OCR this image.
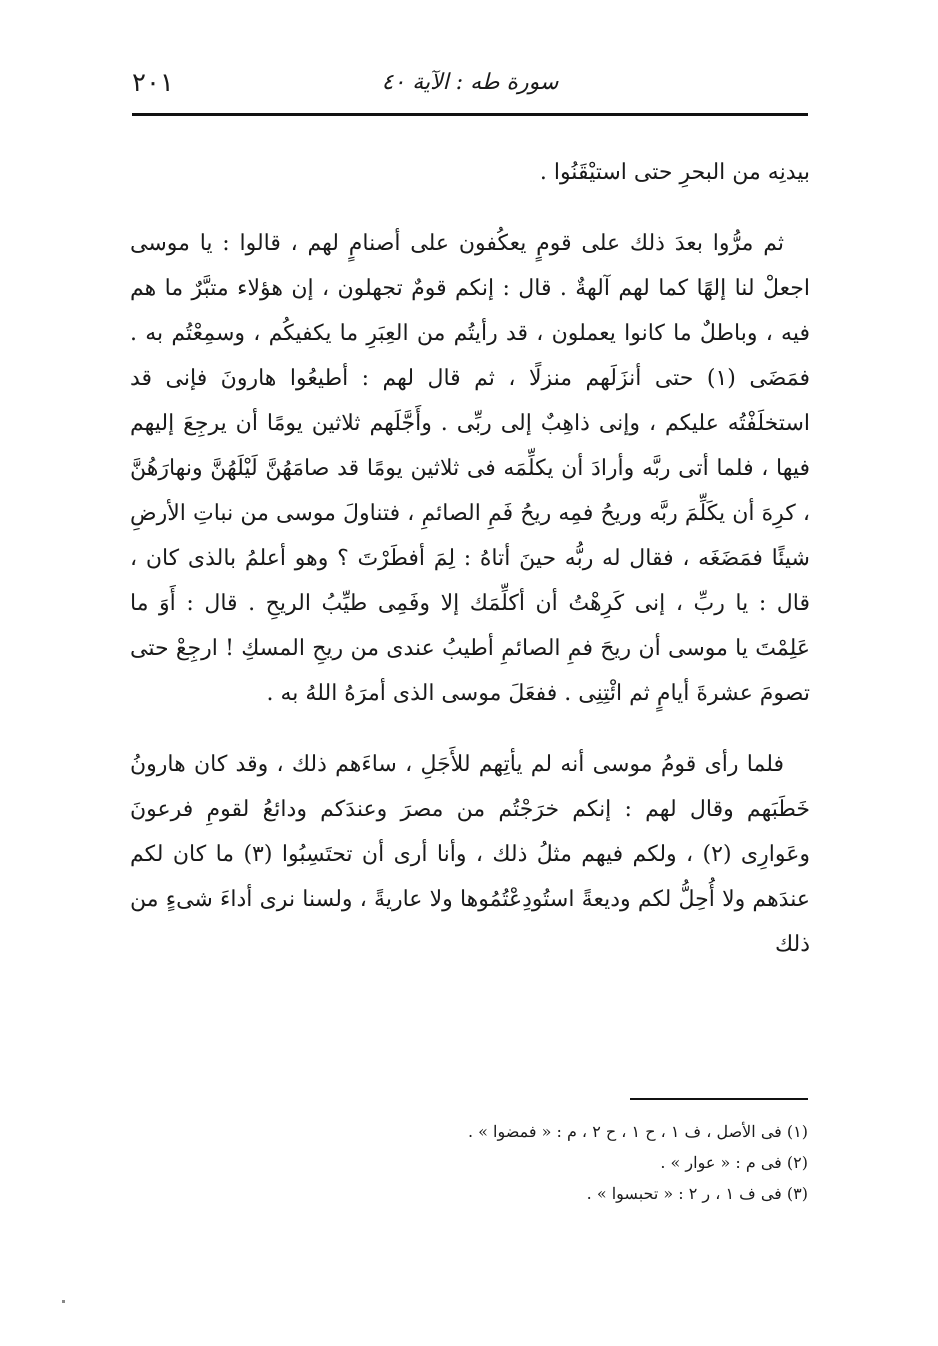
٢٠١	سورة طه : الآية ٤٠

بيدنِه من البحرِ حتى استيْقَنُوا .

ثم مرُّوا بعدَ ذلك على قومٍ يعكُفون على أصنامٍ لهم ، قالوا : يا موسى اجعلْ لنا إلهًا كما لهم آلهةٌ . قال : إنكم قومٌ تجهلون ، إن هؤلاء متبَّرٌ ما هم فيه ، وباطلٌ ما كانوا يعملون ، قد رأيتُم من العِبَرِ ما يكفيكُم ، وسمِعْتُم به . فمَضَى (١) حتى أنزَلَهم منزلًا ، ثم قال لهم : أطيعُوا هارونَ فإنى قد استخلَفْتُه عليكم ، وإنى ذاهِبٌ إلى ربِّى . وأَجَّلَهم ثلاثين يومًا أن يرجِعَ إليهم فيها ، فلما أتى ربَّه وأرادَ أن يكلِّمَه فى ثلاثين يومًا قد صامَهُنَّ لَيْلَهُنَّ ونهارَهُنَّ ، كرِهَ أن يكَلِّمَ ربَّه وريحُ فمِه ريحُ فَمِ الصائمِ ، فتناولَ موسى من نباتِ الأرضِ شيئًا فمَضَغَه ، فقال له ربُّه حينَ أتاهُ : لِمَ أفطَرْتَ ؟ وهو أعلمُ بالذى كان ، قال : يا ربِّ ، إنى كَرِهْتُ أن أكلِّمَك إلا وفَمِى طيِّبُ الريحِ . قال : أَوَ ما عَلِمْتَ يا موسى أن ريحَ فمِ الصائمِ أطيبُ عندى من ريحِ المسكِ ! ارجِعْ حتى تصومَ عشرةَ أيامٍ ثم ائْتِنِى . ففعَلَ موسى الذى أمرَهُ اللهُ به .

فلما رأى قومُ موسى أنه لم يأتِهم للأَجَلِ ، ساءَهم ذلك ، وقد كان هارونُ خَطَبَهم وقال لهم : إنكم خرَجْتُم من مصرَ وعندَكم ودائعُ لقومِ فرعونَ وعَوارِى (٢) ، ولكم فيهم مثلُ ذلك ، وأنا أرى أن تحتَسِبُوا (٣) ما كان لكم عندَهم ولا أُحِلُّ لكم وديعةً استُودِعْتُمُوها ولا عاريةً ، ولسنا نرى أداءَ شىءٍ من ذلك

(١) فى الأصل ، ف ١ ، ح ١ ، ح ٢ ، م : « فمضوا » .
(٢) فى م : « عوار » .
(٣) فى ف ١ ، ر ٢ : « تحبسوا » .
